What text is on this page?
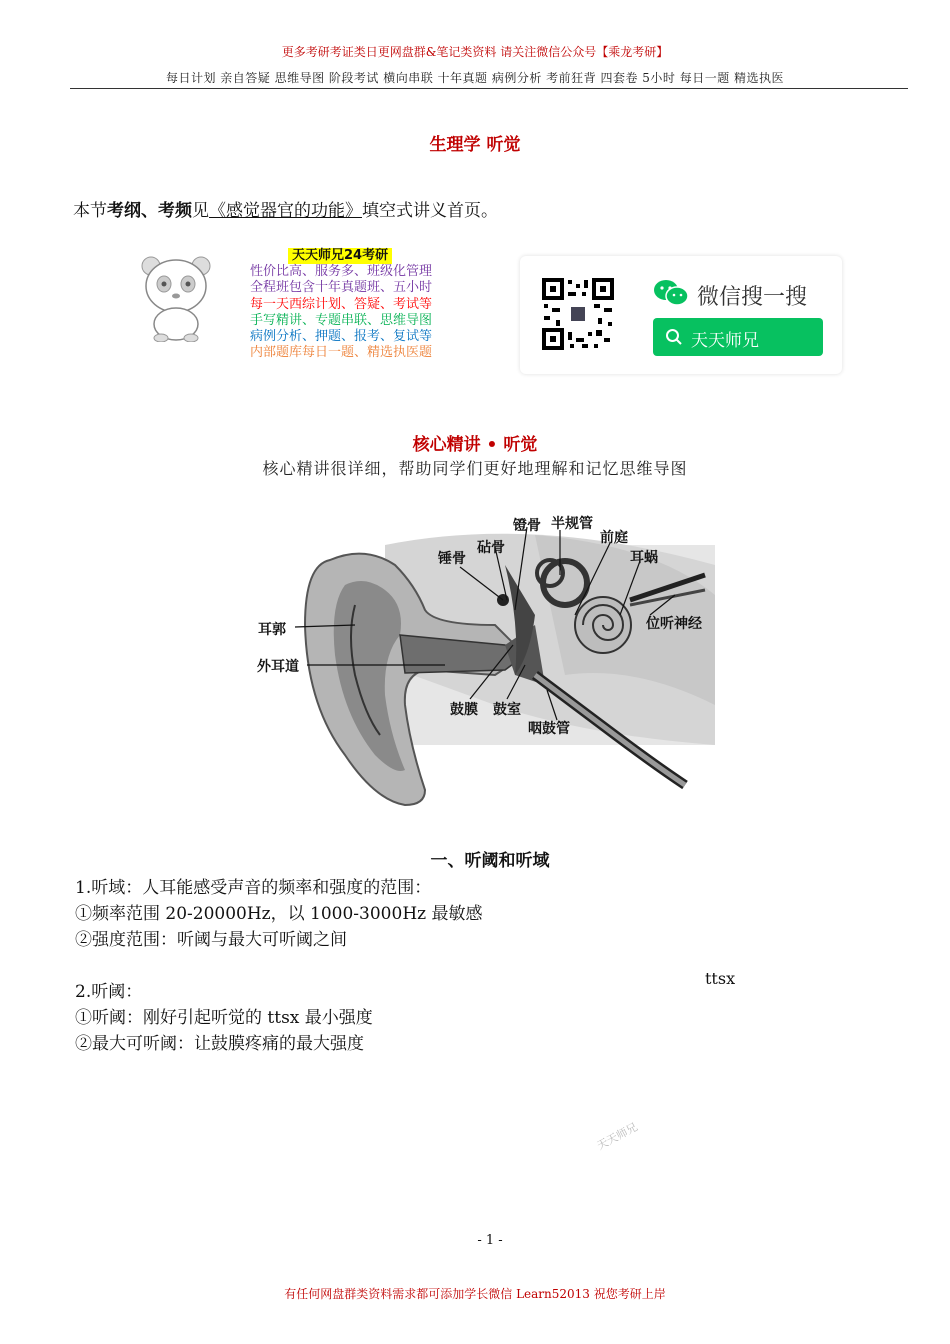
更多考研考证类日更网盘群&笔记类资料 请关注微信公众号【乘龙考研】
每日计划 亲自答疑 思维导图 阶段考试 横向串联 十年真题 病例分析 考前狂背 四套卷 5小时 每日一题 精选执医
生理学 听觉
本节考纲、考频见《感觉器官的功能》填空式讲义首页。
天天师兄24考研
性价比高、服务多、班级化管理
全程班包含十年真题班、五小时
每一天西综计划、答疑、考试等
手写精讲、专题串联、思维导图
病例分析、押题、报考、复试等
内部题库每日一题、精选执医题
微信搜一搜
天天师兄
核心精讲 • 听觉
核心精讲很详细，帮助同学们更好地理解和记忆思维导图
镫骨 半规管
砧骨
前庭
锤骨	耳蜗
耳郭	位听神经
外耳道
鼓膜 鼓室
咽鼓管
一、听阈和听域
1.听域：人耳能感受声音的频率和强度的范围：
①频率范围 20-20000Hz，以 1000-3000Hz 最敏感
②强度范围：听阈与最大可听阈之间
2.听阈：
①听阈：刚好引起听觉的 ttsx 最小强度
②最大可听阈：让鼓膜疼痛的最大强度
ttsx
天天师兄
- 1 -
有任何网盘群类资料需求都可添加学长微信 Learn52013 祝您考研上岸
